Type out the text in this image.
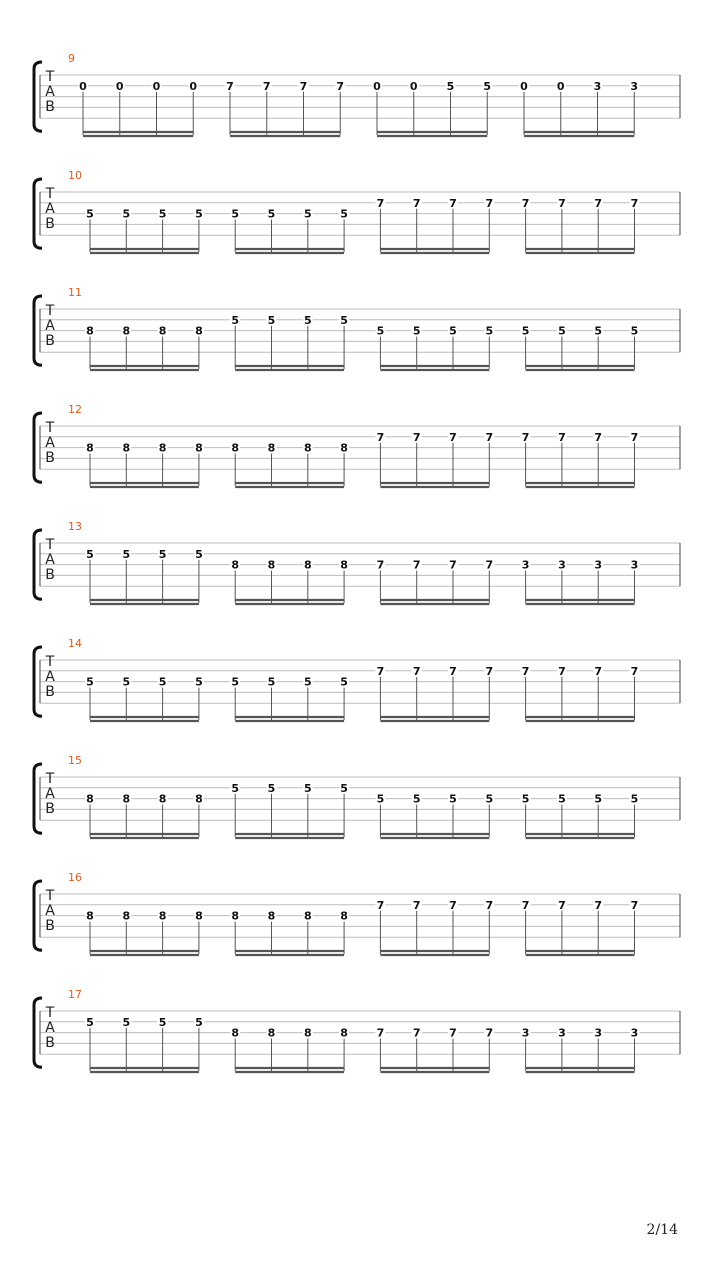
9
T
A
B
0	0	0	0	7	7	7	7	0	0	5	5	0	0	3	3
10
T
A
B
5	5	5	5	5	5	5	5
7	7	7	7	7	7	7	7
11
T
A
B
8	8	8	8
5	5	5	5
5	5	5	5	5	5	5	5
12
T
A
B
8	8	8	8	8	8	8	8
7	7	7	7	7	7	7	7
13
T
A
B
5	5	5	5
8	8	8	8	7	7	7	7	3	3	3	3
14
T
A
B
5	5	5	5	5	5	5	5
7	7	7	7	7	7	7	7
15
T
A
B
8	8	8	8
5	5	5	5
5	5	5	5	5	5	5	5
16
T
A
B
8	8	8	8	8	8	8	8
7	7	7	7	7	7	7	7
17
T
A
B
5	5	5	5
8	8	8	8	7	7	7	7	3	3	3	3
2/14
